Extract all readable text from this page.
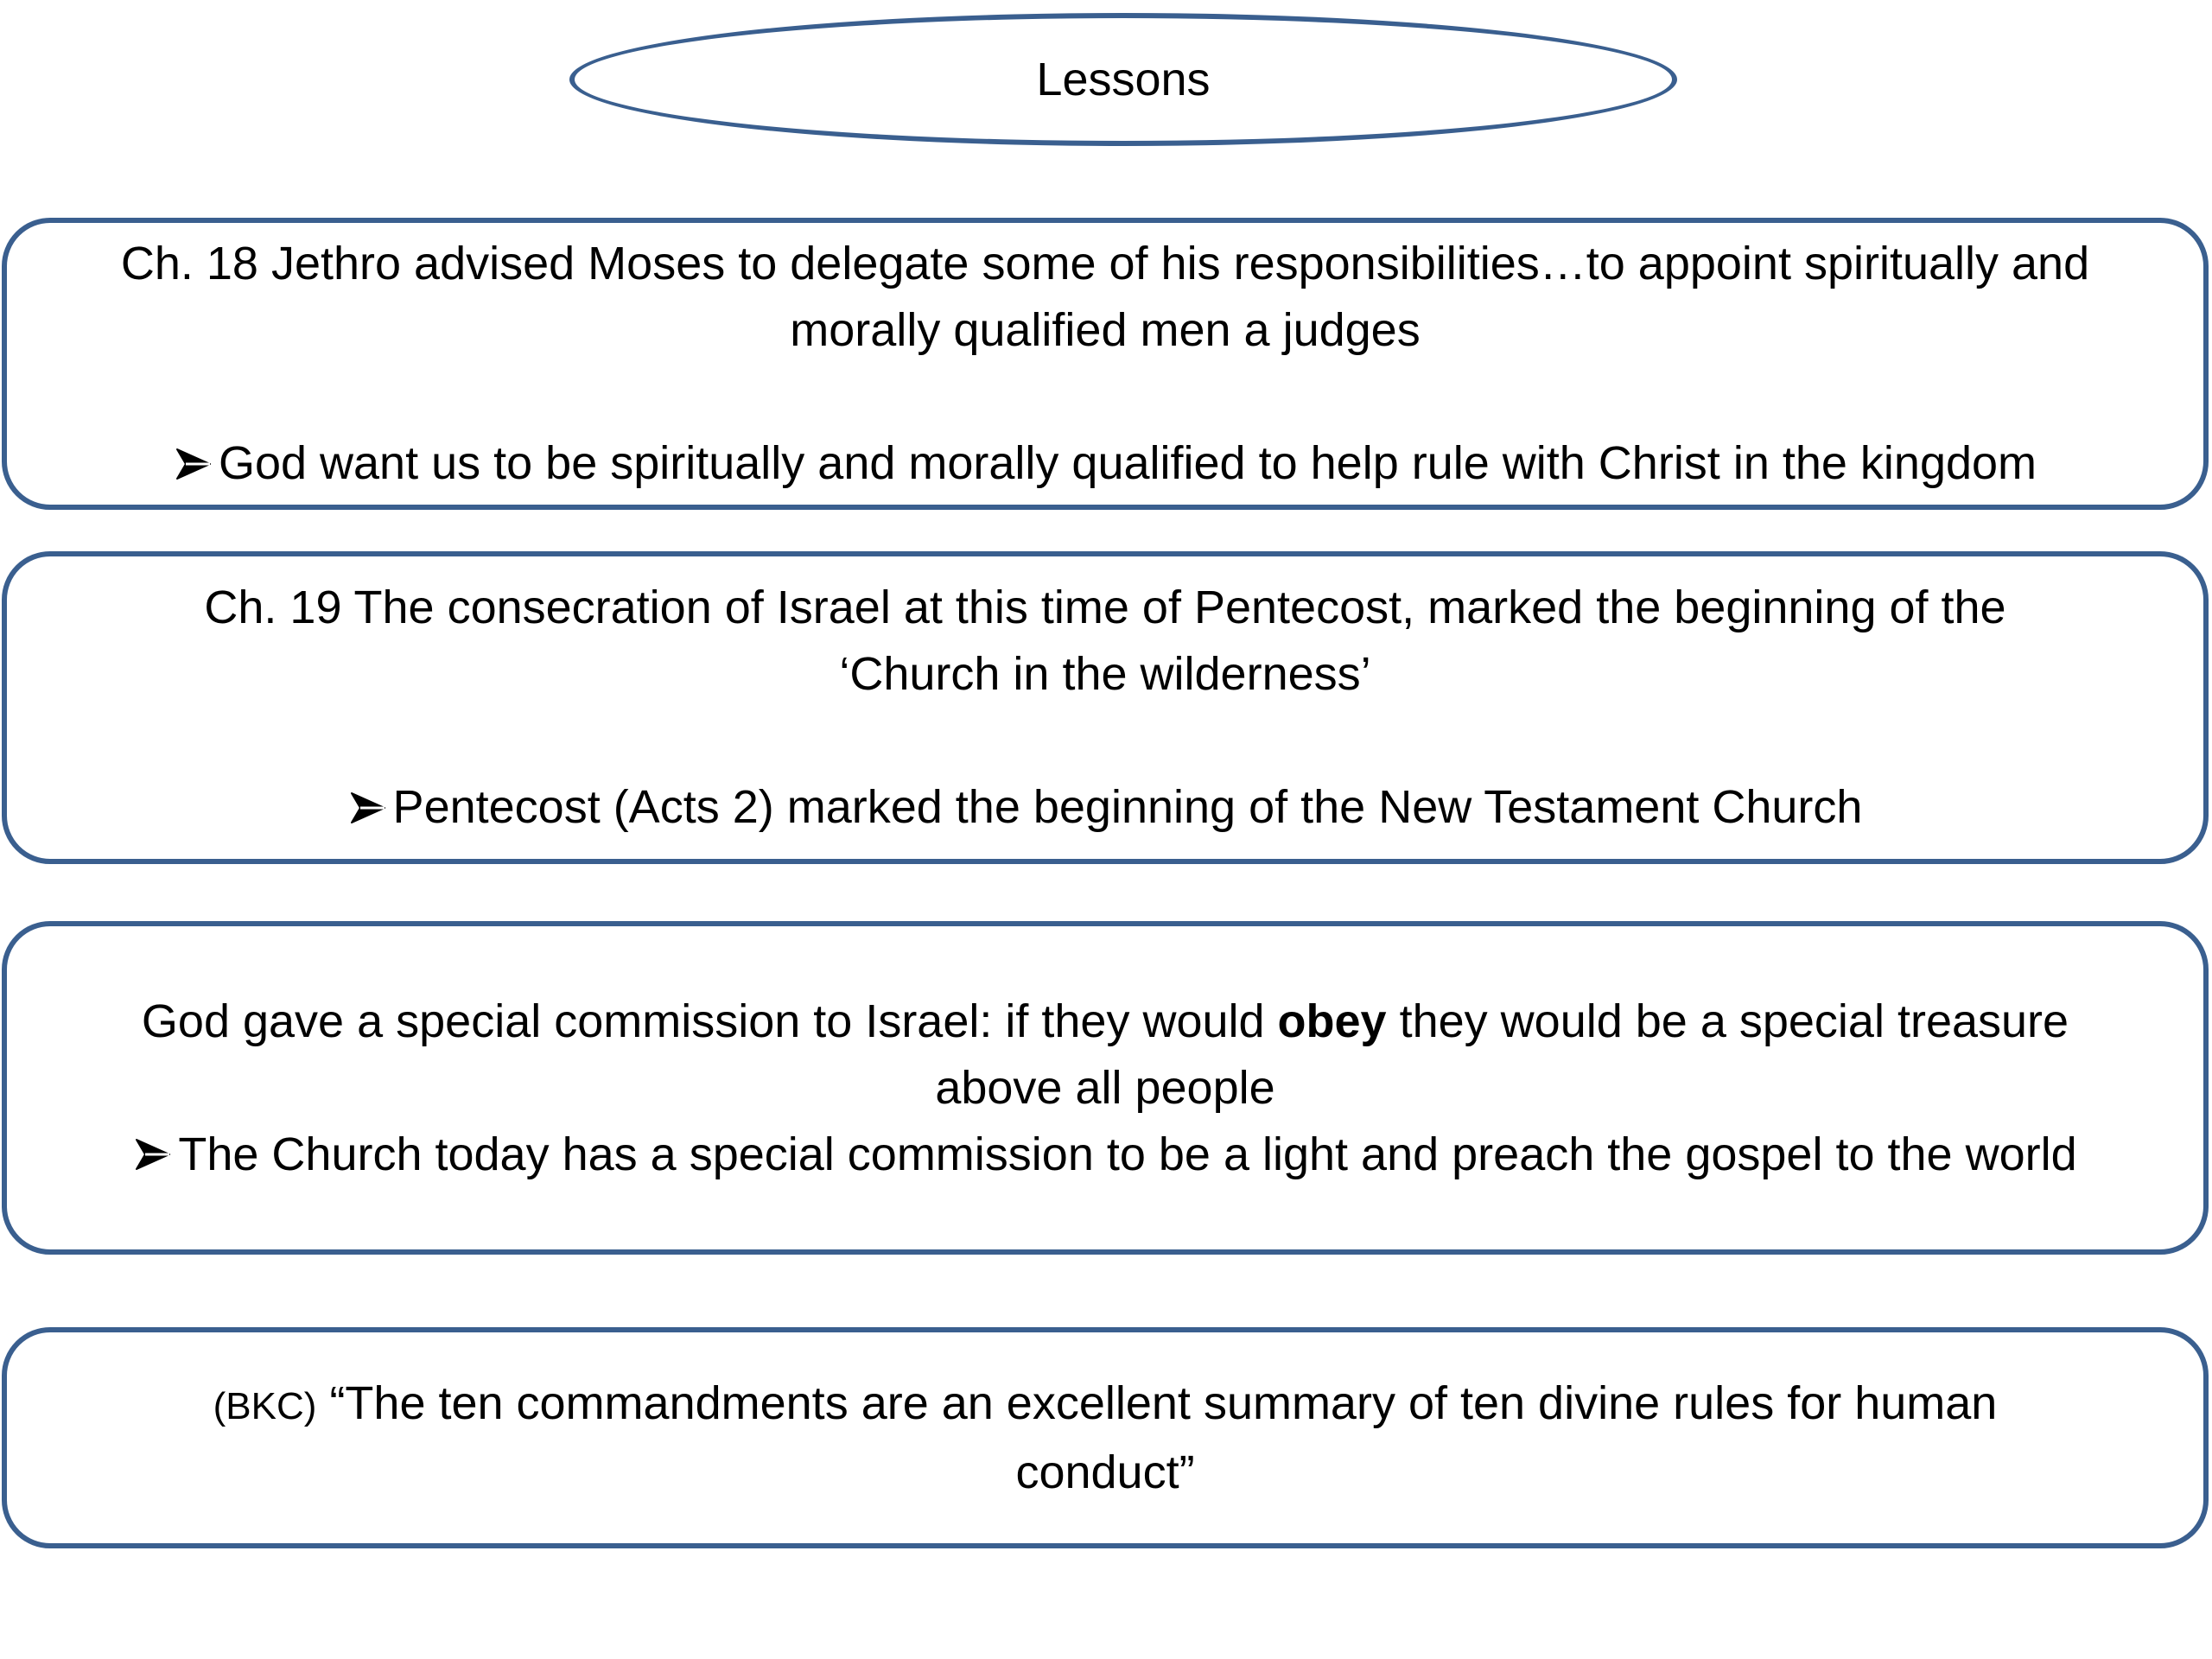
Lessons
Ch. 18 Jethro advised Moses to delegate some of his responsibilities…to appoint spiritually and
morally qualified men a judges
God want us to be spiritually and morally qualified to help rule with Christ in the kingdom
Ch. 19 The consecration of Israel at this time of Pentecost, marked the beginning of the
‘Church in the wilderness’
Pentecost (Acts 2) marked the beginning of the New Testament Church
God gave a special commission to Israel: if they would obey they would be a special treasure
above all people
The Church today has a special commission to be a light and preach the gospel to the world
(BKC) “The ten commandments are an excellent summary of ten divine rules for human
conduct”
